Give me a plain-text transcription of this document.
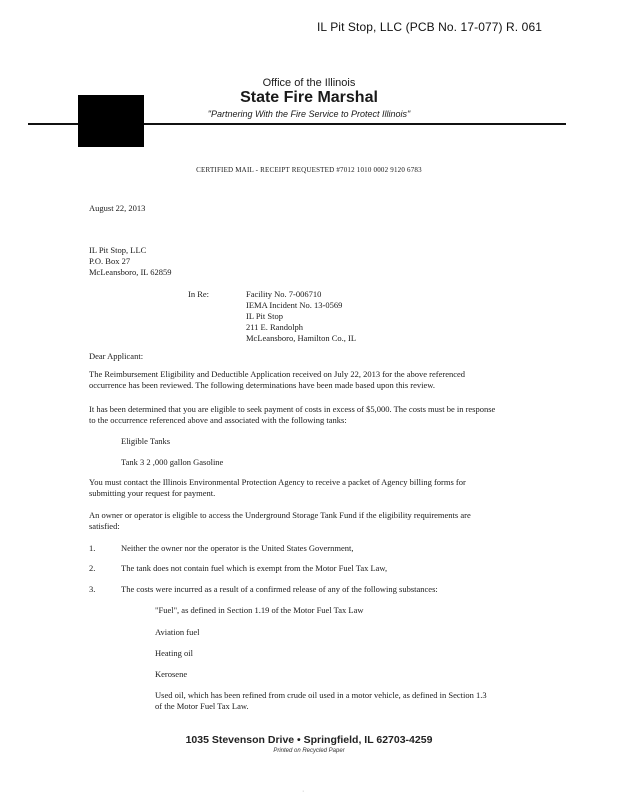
IL Pit Stop, LLC (PCB No. 17-077) R. 061

Office of the Illinois

State Fire Marshal

"Partnering With the Fire Service to Protect Illinois"

CERTIFIED MAIL - RECEIPT REQUESTED #7012 1010 0002 9120 6783

August 22, 2013

IL Pit Stop, LLC

P.O. Box 27

McLeansboro, IL 62859

In Re:	Facility No. 7-006710

IEMA Incident No. 13-0569

IL Pit Stop

211 E. Randolph

McLeansboro, Hamilton Co., IL

Dear Applicant:

The Reimbursement Eligibility and Deductible Application received on July 22, 2013 for the above referenced occurrence has been reviewed. The following determinations have been made based upon this review.

It has been determined that you are eligible to seek payment of costs in excess of $5,000. The costs must be in response to the occurrence referenced above and associated with the following tanks:

Eligible Tanks

Tank 3 2 ,000 gallon Gasoline

You must contact the Illinois Environmental Protection Agency to receive a packet of Agency billing forms for submitting your request for payment.

An owner or operator is eligible to access the Underground Storage Tank Fund if the eligibility requirements are satisfied:

1.	Neither the owner nor the operator is the United States Government,

2.	The tank does not contain fuel which is exempt from the Motor Fuel Tax Law,

3.	The costs were incurred as a result of a confirmed release of any of the following substances:

"Fuel", as defined in Section 1.19 of the Motor Fuel Tax Law

Aviation fuel

Heating oil

Kerosene

Used oil, which has been refined from crude oil used in a motor vehicle, as defined in Section 1.3 of the Motor Fuel Tax Law.

1035 Stevenson Drive • Springfield, IL 62703-4259

Printed on Recycled Paper

·
